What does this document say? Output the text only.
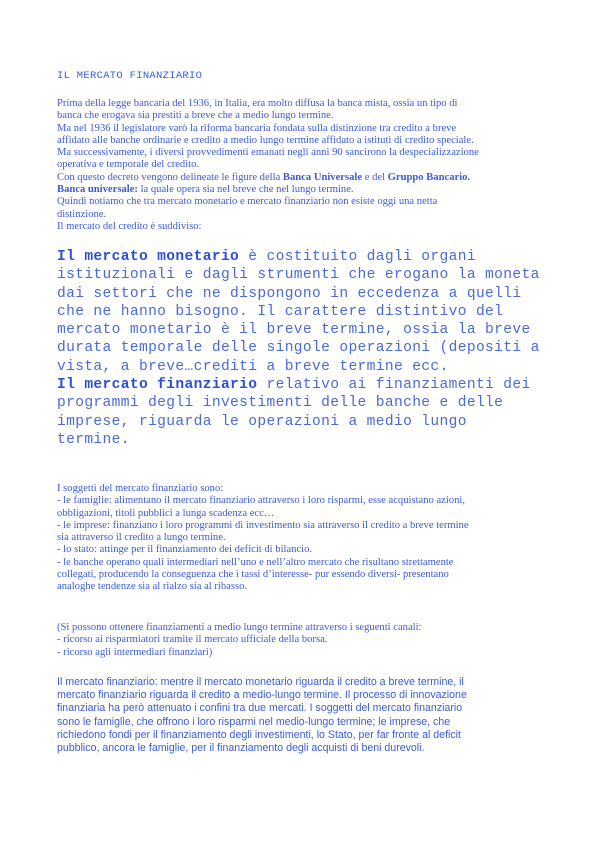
IL MERCATO FINANZIARIO

Prima della legge bancaria del 1936, in Italia, era molto diffusa la banca mista, ossia un tipo di

banca che erogava sia prestiti a breve che a medio lungo termine.

Ma nel 1936 il legislatore varò la riforma bancaria fondata sulla distinzione tra credito a breve

affidato alle banche ordinarie e credito a medio lungo termine affidato a istituti di credito speciale.

Ma successivamente, i diversi provvedimenti emanati negli anni 90 sancirono la despecializzazione

operativa e temporale del credito.

Con questo decreto vengono delineate le figure della Banca Universale e del Gruppo Bancario.

Banca universale: la quale opera sia nel breve che nel lungo termine.

Quindi notiamo che tra mercato monetario e mercato finanziario non esiste oggi una netta

distinzione.

Il mercato del credito è suddiviso:

Il mercato monetario è costituito dagli organi istituzionali e dagli strumenti che erogano la moneta dai settori che ne dispongono in eccedenza a quelli che ne hanno bisogno. Il carattere distintivo del mercato monetario è il breve termine, ossia la breve durata temporale delle singole operazioni (depositi a vista, a breve…crediti a breve termine ecc.

Il mercato finanziario relativo ai finanziamenti dei programmi degli investimenti delle banche e delle imprese, riguarda le operazioni a medio lungo termine.

I soggetti del mercato finanziario sono:

- le famiglie: alimentano il mercato finanziario attraverso i loro risparmi, esse acquistano azioni,

obbligazioni, titoli pubblici a lunga scadenza ecc…

- le imprese: finanziano i loro programmi di investimento sia attraverso il credito a breve termine

sia attraverso il credito a lungo termine.

- lo stato: attinge per il finanziamento dei deficit di bilancio.

- le banche operano quali intermediari nell’uno e nell’altro mercato che risultano strettamente

collegati, producendo la conseguenza che i tassi d’interesse- pur essendo diversi- presentano

analoghe tendenze sia al rialzo sia al ribasso.

(Si possono ottenere finanziamenti a medio lungo termine attraverso i seguenti canali:

- ricorso ai risparmiatori tramite il mercato ufficiale della borsa.

- ricorso agli intermediari finanziari)

Il mercato finanziario: mentre il mercato monetario riguarda il credito a breve termine, il

mercato finanziario riguarda il credito a medio-lungo termine. Il processo di innovazione

finanziaria ha però attenuato i confini tra due mercati. I soggetti del mercato finanziario

sono le famiglie, che offrono i loro risparmi nel medio-lungo termine; le imprese, che

richiedono fondi per il finanziamento degli investimenti, lo Stato, per far fronte al deficit

pubblico, ancora le famiglie, per il finanziamento degli acquisti di beni durevoli.
